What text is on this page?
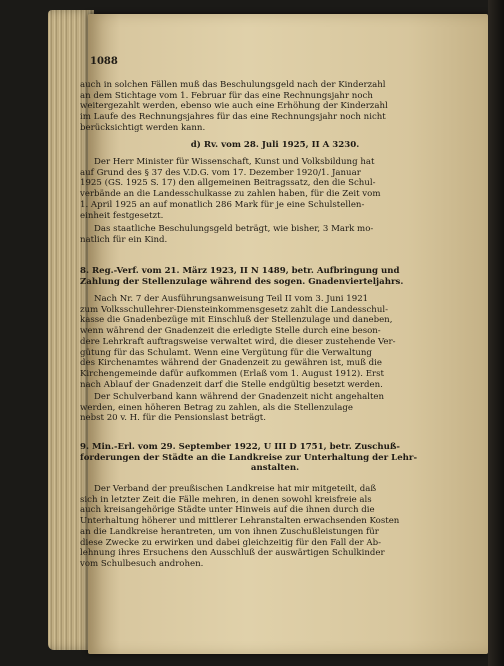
1088
auch in solchen Fällen muß das Beschulungsgeld nach der Kinderzahl
an dem Stichtage vom 1. Februar für das eine Rechnungsjahr noch
weitergezahlt werden, ebenso wie auch eine Erhöhung der Kinderzahl
im Laufe des Rechnungsjahres für das eine Rechnungsjahr noch nicht
berücksichtigt werden kann.
d) Rv. vom 28. Juli 1925, II A 3230.
Der Herr Minister für Wissenschaft, Kunst und Volksbildung hat
auf Grund des § 37 des V.D.G. vom 17. Dezember 1920/1. Januar
1925 (GS. 1925 S. 17) den allgemeinen Beitragssatz, den die Schul-
verbände an die Landesschulkasse zu zahlen haben, für die Zeit vom
1. April 1925 an auf monatlich 286 Mark für je eine Schulstellen-
einheit festgesetzt.
Das staatliche Beschulungsgeld beträgt, wie bisher, 3 Mark mo-
natlich für ein Kind.
8. Reg.-Verf. vom 21. März 1923, II N 1489, betr. Aufbringung und
Zahlung der Stellenzulage während des sogen. Gnadenvierteljahrs.
Nach Nr. 7 der Ausführungsanweisung Teil II vom 3. Juni 1921
zum Volksschullehrer-Diensteinkommensgesetz zahlt die Landesschul-
kasse die Gnadenbezüge mit Einschluß der Stellenzulage und daneben,
wenn während der Gnadenzeit die erledigte Stelle durch eine beson-
dere Lehrkraft auftragsweise verwaltet wird, die dieser zustehende Ver-
gütung für das Schulamt. Wenn eine Vergütung für die Verwaltung
des Kirchenamtes während der Gnadenzeit zu gewähren ist, muß die
Kirchengemeinde dafür aufkommen (Erlaß vom 1. August 1912). Erst
nach Ablauf der Gnadenzeit darf die Stelle endgültig besetzt werden.
Der Schulverband kann während der Gnadenzeit nicht angehalten
werden, einen höheren Betrag zu zahlen, als die Stellenzulage
nebst 20 v. H. für die Pensionslast beträgt.
9. Min.-Erl. vom 29. September 1922, U III D 1751, betr. Zuschuß-
forderungen der Städte an die Landkreise zur Unterhaltung der Lehr-
anstalten.
Der Verband der preußischen Landkreise hat mir mitgeteilt, daß
sich in letzter Zeit die Fälle mehren, in denen sowohl kreisfreie als
auch kreisangehörige Städte unter Hinweis auf die ihnen durch die
Unterhaltung höherer und mittlerer Lehranstalten erwachsenden Kosten
an die Landkreise herantreten, um von ihnen Zuschußleistungen für
diese Zwecke zu erwirken und dabei gleichzeitig für den Fall der Ab-
lehnung ihres Ersuchens den Ausschluß der auswärtigen Schulkinder
vom Schulbesuch androhen.
